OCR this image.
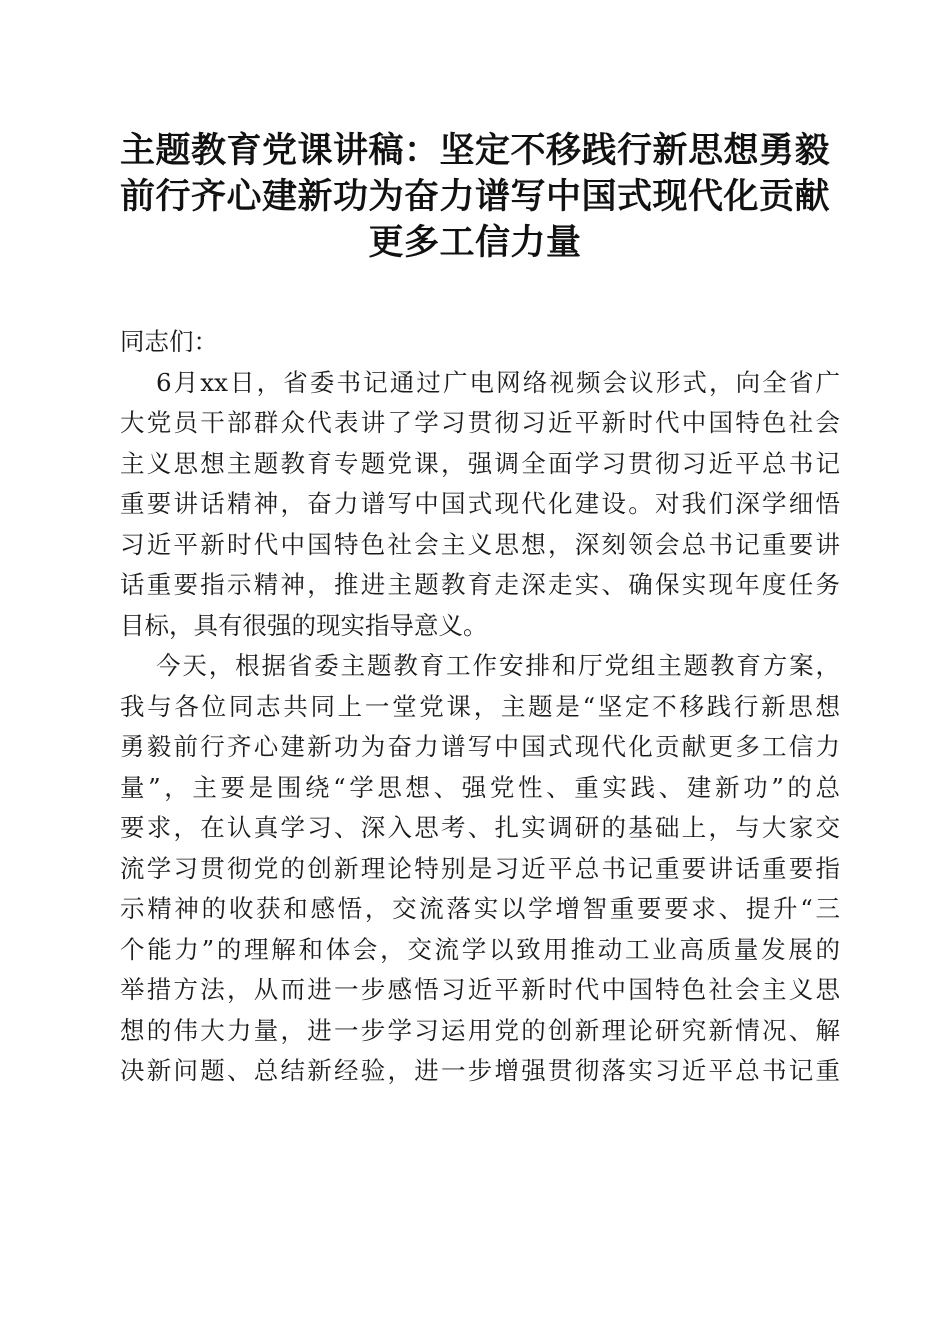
主题教育党课讲稿：坚定不移践行新思想勇毅
前行齐心建新功为奋力谱写中国式现代化贡献
更多工信力量
同志们：
6月xx日，省委书记通过广电网络视频会议形式，向全省广
大党员干部群众代表讲了学习贯彻习近平新时代中国特色社会
主义思想主题教育专题党课，强调全面学习贯彻习近平总书记
重要讲话精神，奋力谱写中国式现代化建设。对我们深学细悟
习近平新时代中国特色社会主义思想，深刻领会总书记重要讲
话重要指示精神，推进主题教育走深走实、确保实现年度任务
目标，具有很强的现实指导意义。
今天，根据省委主题教育工作安排和厅党组主题教育方案，
我与各位同志共同上一堂党课，主题是“坚定不移践行新思想
勇毅前行齐心建新功为奋力谱写中国式现代化贡献更多工信力
量”，主要是围绕“学思想、强党性、重实践、建新功”的总
要求，在认真学习、深入思考、扎实调研的基础上，与大家交
流学习贯彻党的创新理论特别是习近平总书记重要讲话重要指
示精神的收获和感悟，交流落实以学增智重要要求、提升“三
个能力”的理解和体会，交流学以致用推动工业高质量发展的
举措方法，从而进一步感悟习近平新时代中国特色社会主义思
想的伟大力量，进一步学习运用党的创新理论研究新情况、解
决新问题、总结新经验，进一步增强贯彻落实习近平总书记重
